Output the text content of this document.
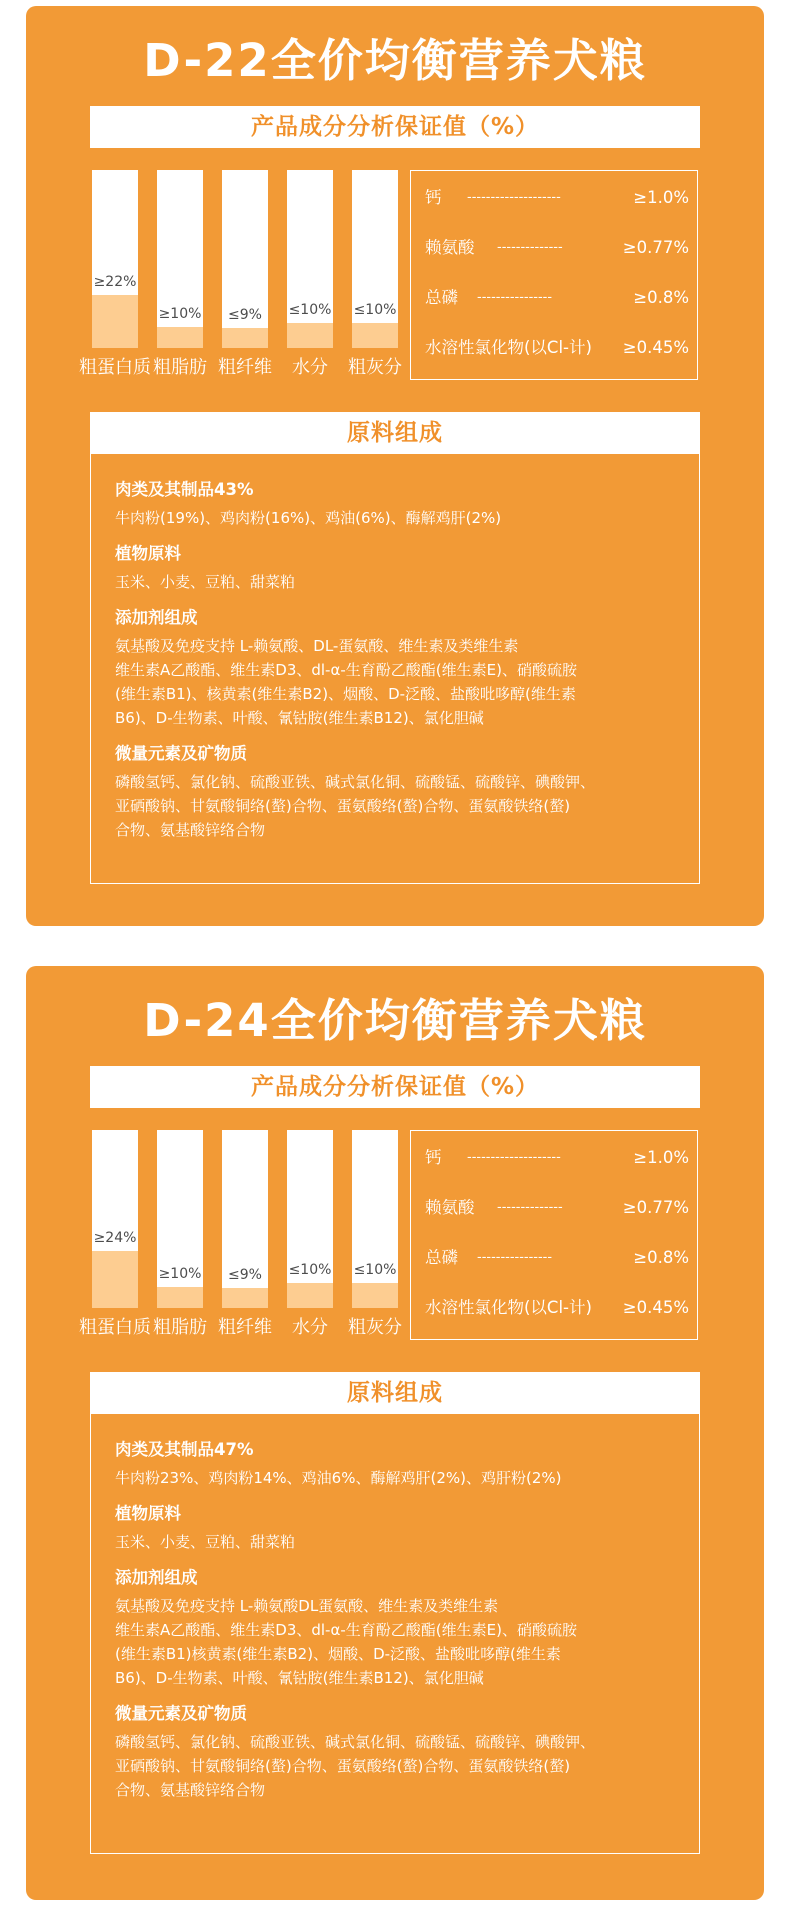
D-22全价均衡营养犬粮
产品成分分析保证值（%）
≥22%
粗蛋白质
≥10%
粗脂肪
≤9%
粗纤维
≤10%
水分
≤10%
粗灰分
钙 --------------------	≥1.0%
赖氨酸 --------------	≥0.77%
总磷 ----------------	≥0.8%
水溶性氯化物(以Cl-计) ≥0.45%
原料组成
肉类及其制品43%
牛肉粉(19%)、鸡肉粉(16%)、鸡油(6%)、酶解鸡肝(2%)
植物原料
玉米、小麦、豆粕、甜菜粕
添加剂组成
氨基酸及免疫支持 L-赖氨酸、DL-蛋氨酸、维生素及类维生素
维生素A乙酸酯、维生素D3、dl-α-生育酚乙酸酯(维生素E)、硝酸硫胺
(维生素B1)、核黄素(维生素B2)、烟酸、D-泛酸、盐酸吡哆醇(维生素
B6)、D-生物素、叶酸、氰钴胺(维生素B12)、氯化胆碱
微量元素及矿物质
磷酸氢钙、氯化钠、硫酸亚铁、碱式氯化铜、硫酸锰、硫酸锌、碘酸钾、
亚硒酸钠、甘氨酸铜络(螯)合物、蛋氨酸络(螯)合物、蛋氨酸铁络(螯)
合物、氨基酸锌络合物
D-24全价均衡营养犬粮
产品成分分析保证值（%）
≥24%
粗蛋白质
≥10%
粗脂肪
≤9%
粗纤维
≤10%
水分
≤10%
粗灰分
钙 --------------------	≥1.0%
赖氨酸 --------------	≥0.77%
总磷 ----------------	≥0.8%
水溶性氯化物(以Cl-计) ≥0.45%
原料组成
肉类及其制品47%
牛肉粉23%、鸡肉粉14%、鸡油6%、酶解鸡肝(2%)、鸡肝粉(2%)
植物原料
玉米、小麦、豆粕、甜菜粕
添加剂组成
氨基酸及免疫支持 L-赖氨酸DL蛋氨酸、维生素及类维生素
维生素A乙酸酯、维生素D3、dl-α-生育酚乙酸酯(维生素E)、硝酸硫胺
(维生素B1)核黄素(维生素B2)、烟酸、D-泛酸、盐酸吡哆醇(维生素
B6)、D-生物素、叶酸、氰钴胺(维生素B12)、氯化胆碱
微量元素及矿物质
磷酸氢钙、氯化钠、硫酸亚铁、碱式氯化铜、硫酸锰、硫酸锌、碘酸钾、
亚硒酸钠、甘氨酸铜络(螯)合物、蛋氨酸络(螯)合物、蛋氨酸铁络(螯)
合物、氨基酸锌络合物
